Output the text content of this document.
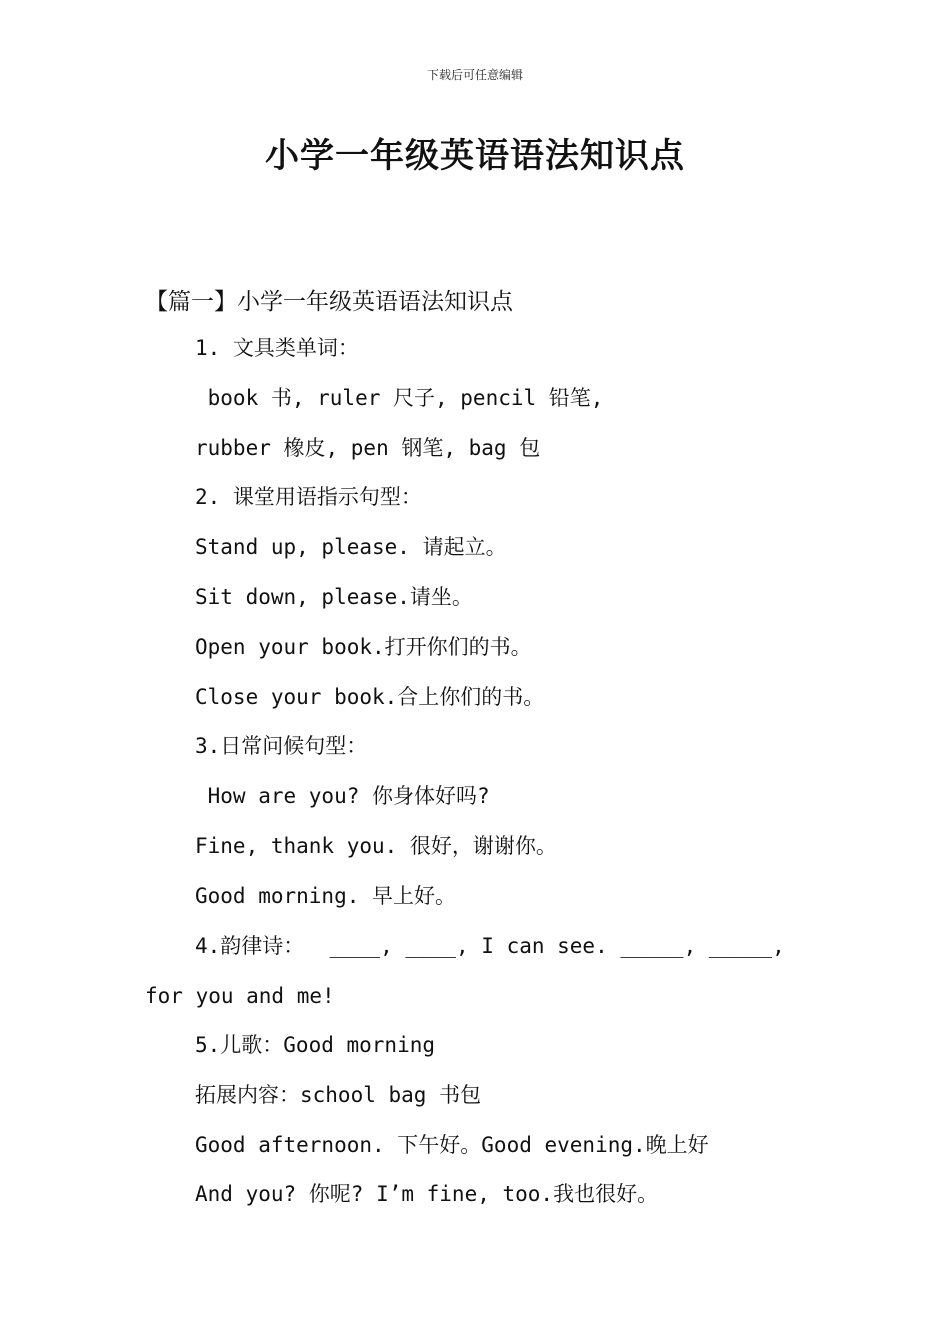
下载后可任意编辑
小学一年级英语语法知识点
【篇一】小学一年级英语语法知识点
1. 文具类单词：
book 书, ruler 尺子, pencil 铅笔,
rubber 橡皮, pen 钢笔, bag 包
2. 课堂用语指示句型：
Stand up, please. 请起立。
Sit down, please.请坐。
Open your book.打开你们的书。
Close your book.合上你们的书。
3.日常问候句型：
How are you? 你身体好吗?
Fine, thank you. 很好，谢谢你。
Good morning. 早上好。
4.韵律诗：  ____, ____, I can see. _____, _____,
for you and me!
5.儿歌：Good morning
拓展内容：school bag 书包
Good afternoon. 下午好。Good evening.晚上好
And you? 你呢? I’m fine, too.我也很好。
